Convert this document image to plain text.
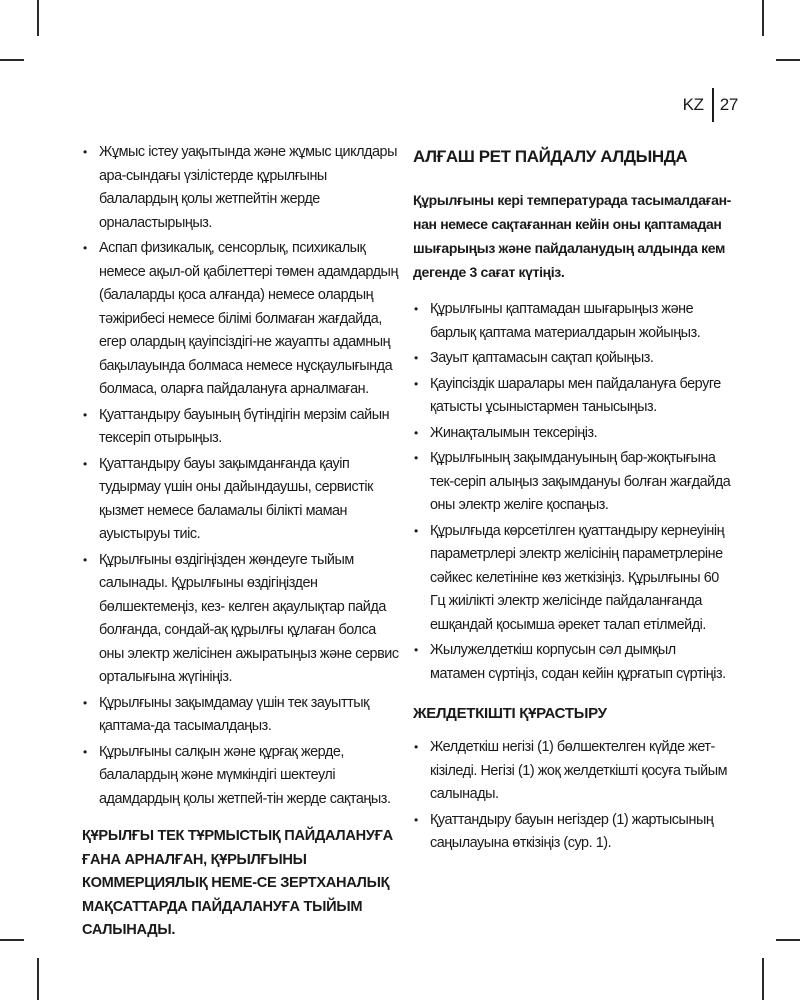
KZ 27
• Жұмыс істеу уақытында және жұмыс циклдары ара-сындағы үзілістерде құрылғыны балалардың қолы жетпейтін жерде орналастырыңыз.
• Аспап физикалық, сенсорлық, психикалық немесе ақыл-ой қабілеттері төмен адамдардың (балаларды қоса алғанда) немесе олардың тәжірибесі немесе білімі болмаған жағдайда, егер олардың қауіпсіздігі-не жауапты адамның бақылауында болмаса немесе нұсқаулығында болмаса, оларға пайдалануға арналмаған.
• Қуаттандыру бауының бүтіндігін мерзім сайын тексеріп отырыңыз.
• Қуаттандыру бауы зақымданғанда қауіп тудырмау үшін оны дайындаушы, сервистік қызмет немесе баламалы білікті маман ауыстыруы тиіс.
• Құрылғыны өздігіңізден жөндеуге тыйым салынады. Құрылғыны өздігіңізден бөлшектемеңіз, кез- келген ақаулықтар пайда болғанда, сондай-ақ құрылғы құлаған болса оны электр желісінен ажыратыңыз және сервис орталығына жүгініңіз.
• Құрылғыны зақымдамау үшін тек зауыттық қаптама-да тасымалдаңыз.
• Құрылғыны салқын және құрғақ жерде, балалардың және мүмкіндігі шектеулі адамдардың қолы жетпей-тін жерде сақтаңыз.
ҚҰРЫЛҒЫ ТЕК ТҰРМЫСТЫҚ ПАЙДАЛАНУҒА ҒАНА АРНАЛҒАН, ҚҰРЫЛҒЫНЫ КОММЕРЦИЯЛЫҚ НЕМЕ-СЕ ЗЕРТХАНАЛЫҚ МАҚСАТТАРДА ПАЙДАЛАНУҒА ТЫЙЫМ САЛЫНАДЫ.
АЛҒАШ РЕТ ПАЙДАЛУ АЛДЫНДА
Құрылғыны кері температурада тасымалдаған-нан немесе сақтағаннан кейін оны қаптамадан шығарыңыз және пайдаланудың алдында кем дегенде 3 сағат күтіңіз.
• Құрылғыны қаптамадан шығарыңыз және барлық қаптама материалдарын жойыңыз.
• Зауыт қаптамасын сақтап қойыңыз.
• Қауіпсіздік шаралары мен пайдалануға беруге қатысты ұсыныстармен танысыңыз.
• Жинақталымын тексеріңіз.
• Құрылғының зақымдануының бар-жоқтығына тек-серіп алыңыз зақымдануы болған жағдайда оны электр желіге қоспаңыз.
• Құрылғыда көрсетілген қуаттандыру кернеуінің параметрлері электр желісінің параметрлеріне сәйкес келетініне көз жеткізіңіз. Құрылғыны 60 Гц жиілікті электр желісінде пайдаланғанда ешқандай қосымша әрекет талап етілмейді.
• Жылужелдеткіш корпусын сәл дымқыл матамен сүртіңіз, содан кейін құрғатып сүртіңіз.
ЖЕЛДЕТКІШТІ ҚҰРАСТЫРУ
• Желдеткіш негізі (1) бөлшектелген күйде жет-кізіледі. Негізі (1) жоқ желдеткішті қосуға тыйым салынады.
• Қуаттандыру бауын негіздер (1) жартысының саңылауына өткізіңіз (сур. 1).
